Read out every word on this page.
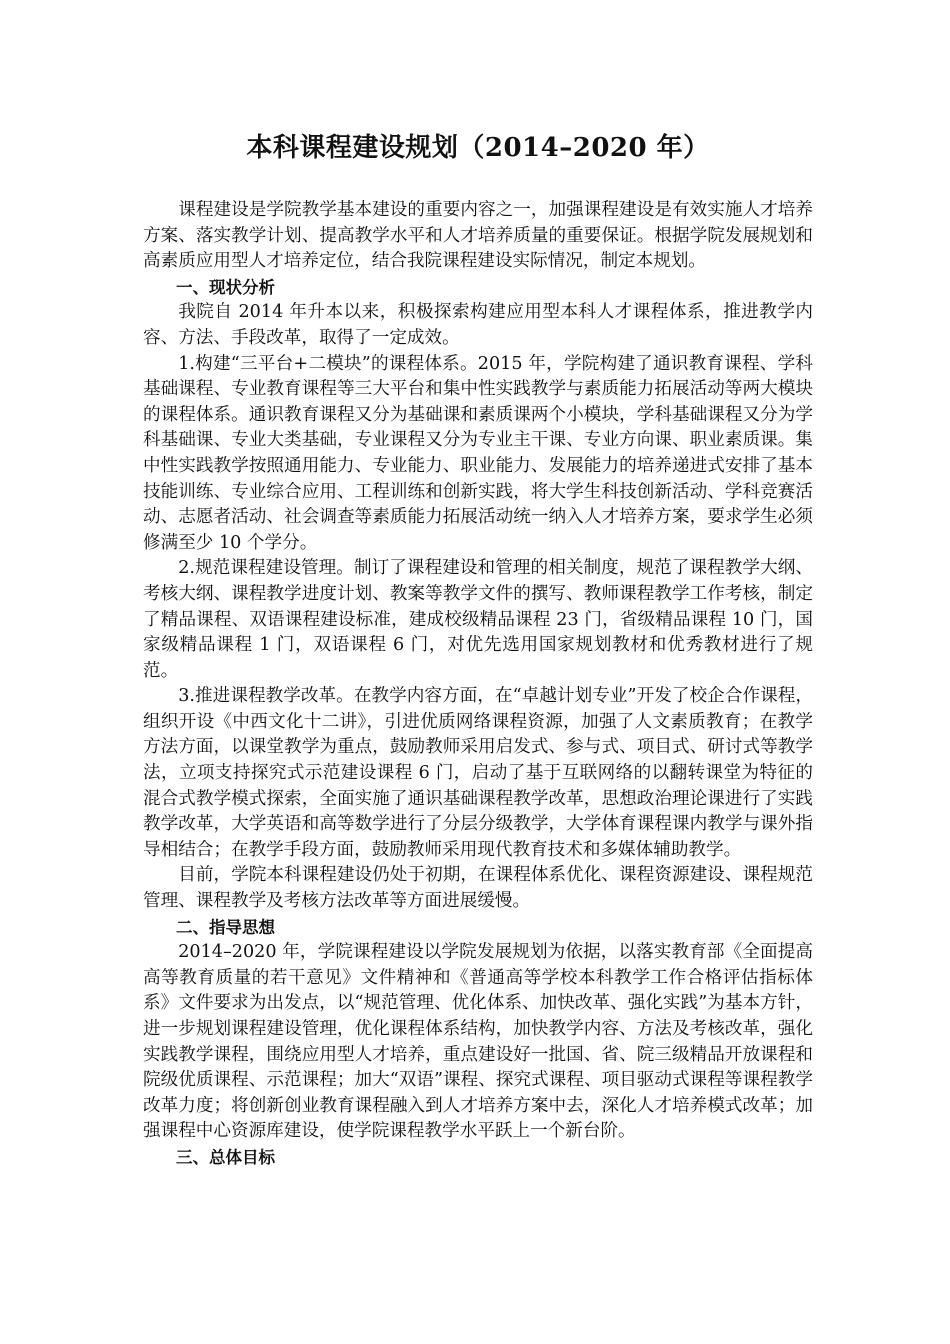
本科课程建设规划（2014–2020 年）

课程建设是学院教学基本建设的重要内容之一，加强课程建设是有效实施人才培养方案、落实教学计划、提高教学水平和人才培养质量的重要保证。根据学院发展规划和高素质应用型人才培养定位，结合我院课程建设实际情况，制定本规划。

一、现状分析

我院自 2014 年升本以来，积极探索构建应用型本科人才课程体系，推进教学内容、方法、手段改革，取得了一定成效。

1.构建“三平台+二模块”的课程体系。2015 年，学院构建了通识教育课程、学科基础课程、专业教育课程等三大平台和集中性实践教学与素质能力拓展活动等两大模块的课程体系。通识教育课程又分为基础课和素质课两个小模块，学科基础课程又分为学科基础课、专业大类基础，专业课程又分为专业主干课、专业方向课、职业素质课。集中性实践教学按照通用能力、专业能力、职业能力、发展能力的培养递进式安排了基本技能训练、专业综合应用、工程训练和创新实践，将大学生科技创新活动、学科竞赛活动、志愿者活动、社会调查等素质能力拓展活动统一纳入人才培养方案，要求学生必须修满至少 10 个学分。

2.规范课程建设管理。制订了课程建设和管理的相关制度，规范了课程教学大纲、考核大纲、课程教学进度计划、教案等教学文件的撰写、教师课程教学工作考核，制定了精品课程、双语课程建设标准，建成校级精品课程 23 门，省级精品课程 10 门，国家级精品课程 1 门，双语课程 6 门，对优先选用国家规划教材和优秀教材进行了规范。

3.推进课程教学改革。在教学内容方面，在“卓越计划专业”开发了校企合作课程，组织开设《中西文化十二讲》，引进优质网络课程资源，加强了人文素质教育；在教学方法方面，以课堂教学为重点，鼓励教师采用启发式、参与式、项目式、研讨式等教学法，立项支持探究式示范建设课程 6 门，启动了基于互联网络的以翻转课堂为特征的混合式教学模式探索，全面实施了通识基础课程教学改革，思想政治理论课进行了实践教学改革，大学英语和高等数学进行了分层分级教学，大学体育课程课内教学与课外指导相结合；在教学手段方面，鼓励教师采用现代教育技术和多媒体辅助教学。

目前，学院本科课程建设仍处于初期，在课程体系优化、课程资源建设、课程规范管理、课程教学及考核方法改革等方面进展缓慢。

二、指导思想

2014–2020 年，学院课程建设以学院发展规划为依据，以落实教育部《全面提高高等教育质量的若干意见》文件精神和《普通高等学校本科教学工作合格评估指标体系》文件要求为出发点，以“规范管理、优化体系、加快改革、强化实践”为基本方针，进一步规划课程建设管理，优化课程体系结构，加快教学内容、方法及考核改革，强化实践教学课程，围绕应用型人才培养，重点建设好一批国、省、院三级精品开放课程和院级优质课程、示范课程；加大“双语”课程、探究式课程、项目驱动式课程等课程教学改革力度；将创新创业教育课程融入到人才培养方案中去，深化人才培养模式改革；加强课程中心资源库建设，使学院课程教学水平跃上一个新台阶。

三、总体目标
